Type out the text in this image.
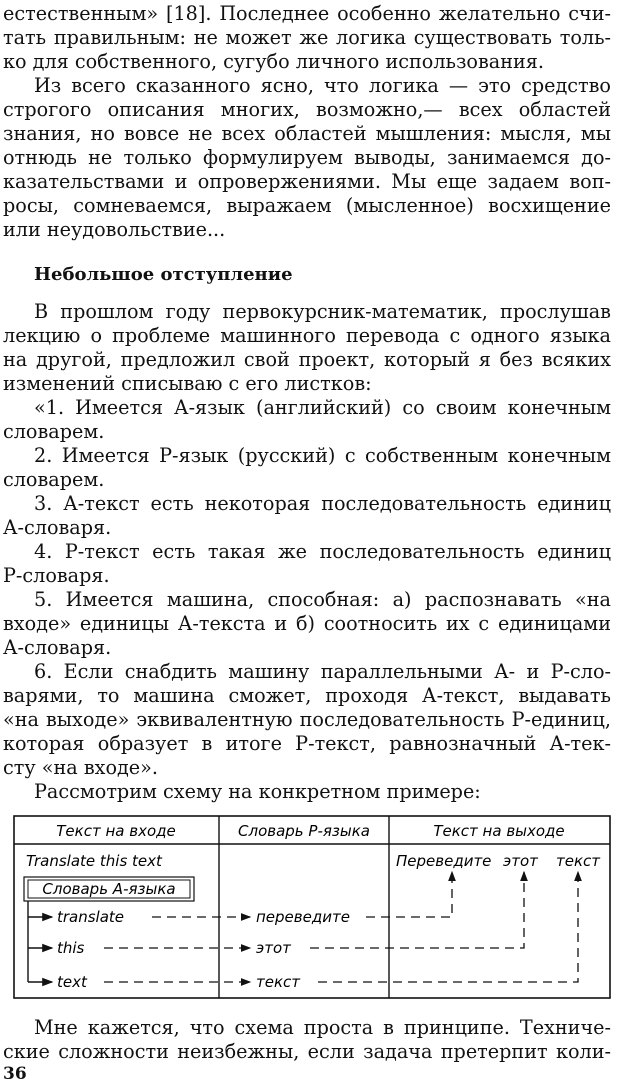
естественным» [18]. Последнее особенно желательно счи-
тать правильным: не может же логика существовать толь-
ко для собственного, сугубо личного использования.
Из всего сказанного ясно, что логика — это средство
строгого описания многих, возможно,— всех областей
знания, но вовсе не всех областей мышления: мысля, мы
отнюдь не только формулируем выводы, занимаемся до-
казательствами и опровержениями. Мы еще задаем воп-
росы, сомневаемся, выражаем (мысленное) восхищение
или неудовольствие...
Небольшое отступление
В прошлом году первокурсник-математик, прослушав
лекцию о проблеме машинного перевода с одного языка
на другой, предложил свой проект, который я без всяких
изменений списываю с его листков:
«1. Имеется А-язык (английский) со своим конечным
словарем.
2. Имеется Р-язык (русский) с собственным конечным
словарем.
3. А-текст есть некоторая последовательность единиц
А-словаря.
4. Р-текст есть такая же последовательность единиц
Р-словаря.
5. Имеется машина, способная: а) распознавать «на
входе» единицы А-текста и б) соотносить их с единицами
А-словаря.
6. Если снабдить машину параллельными А- и Р-сло-
варями, то машина сможет, проходя А-текст, выдавать
«на выходе» эквивалентную последовательность Р-единиц,
которая образует в итоге Р-текст, равнозначный А-тек-
сту «на входе».
Рассмотрим схему на конкретном примере:
Текст на входе	Словарь Р-языка	Текст на выходе
Translate this text
Словарь А-языка
translate
this
text
переведите
этот
текст
Переведите этот текст
Мне кажется, что схема проста в принципе. Техниче-
ские сложности неизбежны, если задача претерпит коли-
36
